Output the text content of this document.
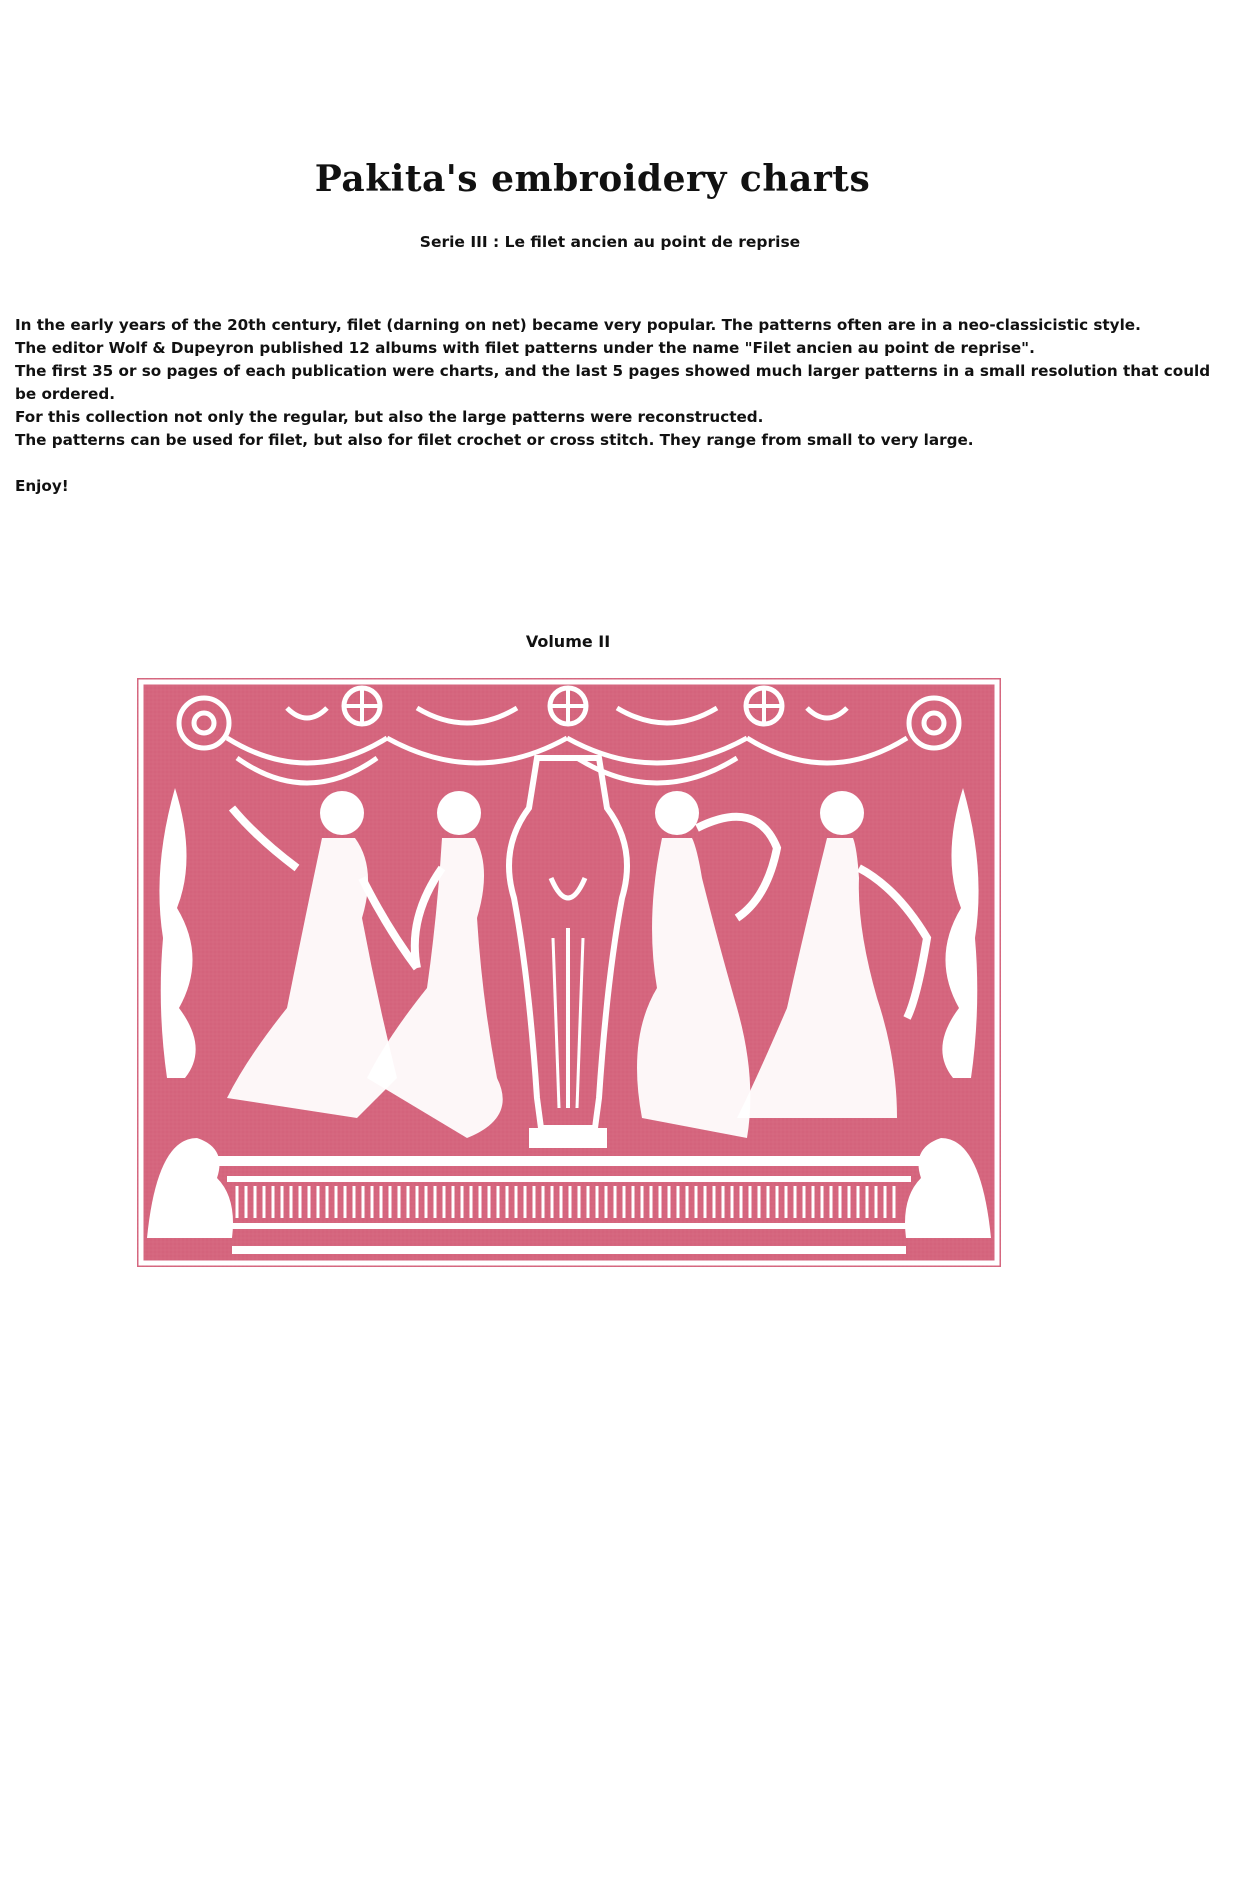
Pakita's embroidery charts
Serie III : Le filet ancien au point de reprise

In the early years of the 20th century, filet (darning on net) became very popular. The patterns often are in a neo-classicistic style.

The editor Wolf & Dupeyron published 12 albums with filet patterns under the name "Filet ancien au point de reprise".

The first 35 or so pages of each publication were charts, and the last 5 pages showed much larger patterns in a small resolution that could be ordered.

For this collection not only the regular, but also the large patterns were reconstructed.

The patterns can be used for filet, but also for filet crochet or cross stitch. They range from small to very large.

Enjoy!

Volume II
